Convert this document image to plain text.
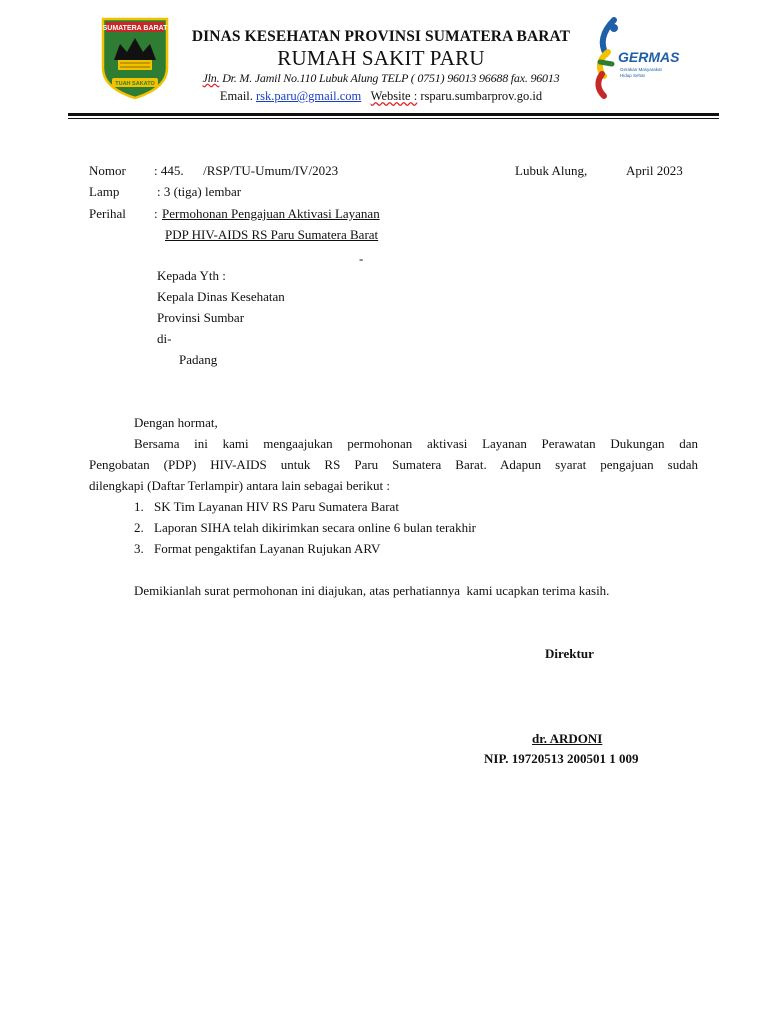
SUMATERA BARAT
TUAH SAKATO
DINAS KESEHATAN PROVINSI SUMATERA BARAT
RUMAH SAKIT PARU
Jln. Dr. M. Jamil No.110 Lubuk Alung TELP ( 0751) 96013 96688 fax. 96013
Email. rsk.paru@gmail.com Website : rsparu.sumbarprov.go.id
GERMAS
Gerakan Masyarakat
Hidup Sehat
Nomor : 445.      /RSP/TU-Umum/IV/2023	Lubuk Alung,	April 2023
Lamp	: 3 (tiga) lembar
Perihal : Permohonan Pengajuan Aktivasi Layanan
PDP HIV-AIDS RS Paru Sumatera Barat
-
Kepada Yth :
Kepala Dinas Kesehatan
Provinsi Sumbar
di-
Padang
Dengan hormat,
Bersama ini kami mengaajukan permohonan aktivasi Layanan Perawatan Dukungan dan
Pengobatan (PDP) HIV-AIDS untuk RS Paru Sumatera Barat. Adapun syarat pengajuan sudah
dilengkapi (Daftar Terlampir) antara lain sebagai berikut :
1. SK Tim Layanan HIV RS Paru Sumatera Barat
2. Laporan SIHA telah dikirimkan secara online 6 bulan terakhir
3. Format pengaktifan Layanan Rujukan ARV
Demikianlah surat permohonan ini diajukan, atas perhatiannya  kami ucapkan terima kasih.
Direktur
dr. ARDONI
NIP. 19720513 200501 1 009
